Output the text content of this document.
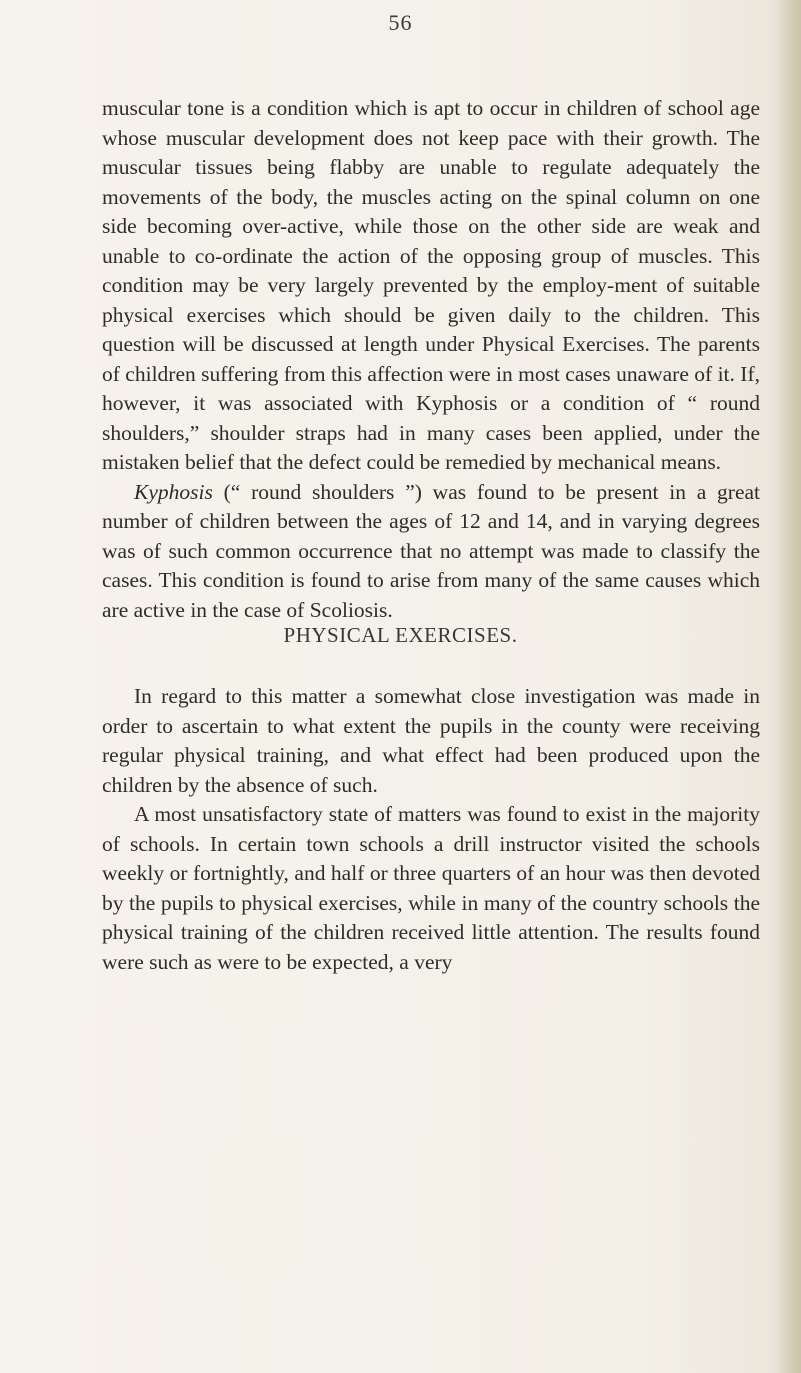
56

muscular tone is a condition which is apt to occur in children of school age whose muscular development does not keep pace with their growth. The muscular tissues being flabby are unable to regulate adequately the movements of the body, the muscles acting on the spinal column on one side becoming over-active, while those on the other side are weak and unable to co-ordinate the action of the opposing group of muscles. This condition may be very largely prevented by the employ-ment of suitable physical exercises which should be given daily to the children. This question will be discussed at length under Physical Exercises. The parents of children suffering from this affection were in most cases unaware of it. If, however, it was associated with Kyphosis or a condition of “ round shoulders,” shoulder straps had in many cases been applied, under the mistaken belief that the defect could be remedied by mechanical means.

Kyphosis (“ round shoulders ”) was found to be present in a great number of children between the ages of 12 and 14, and in varying degrees was of such common occurrence that no attempt was made to classify the cases. This condition is found to arise from many of the same causes which are active in the case of Scoliosis.

PHYSICAL EXERCISES.

In regard to this matter a somewhat close investigation was made in order to ascertain to what extent the pupils in the county were receiving regular physical training, and what effect had been produced upon the children by the absence of such.

A most unsatisfactory state of matters was found to exist in the majority of schools. In certain town schools a drill instructor visited the schools weekly or fortnightly, and half or three quarters of an hour was then devoted by the pupils to physical exercises, while in many of the country schools the physical training of the children received little attention. The results found were such as were to be expected, a very
